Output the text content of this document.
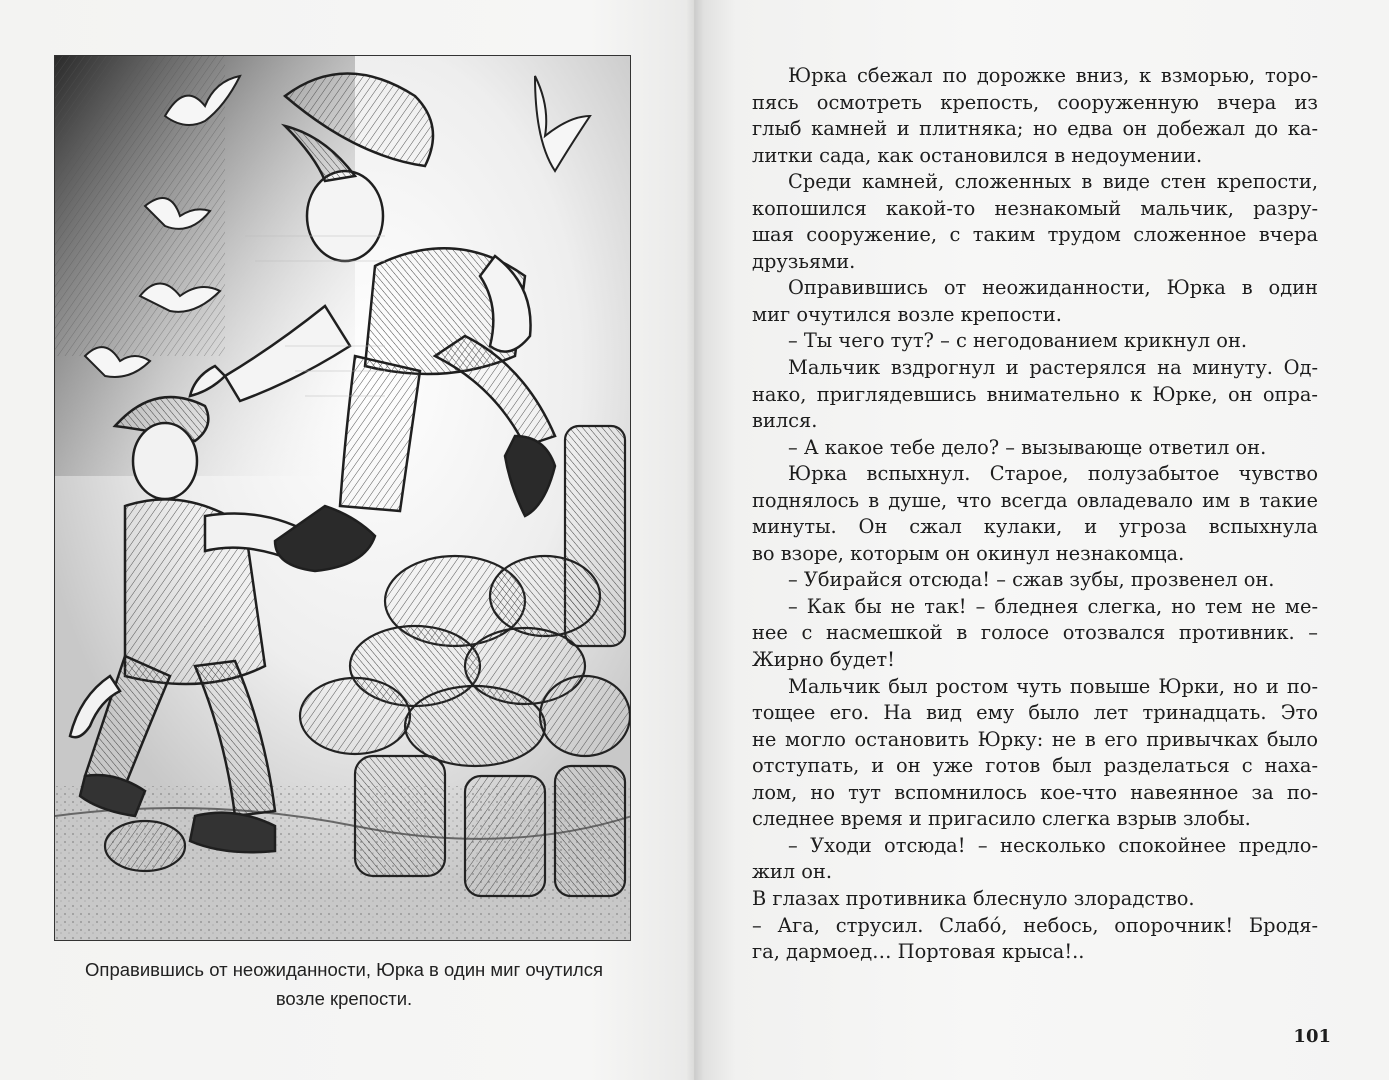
Оправившись от неожиданности, Юрка в один миг очутился
возле крепости.
Юрка сбежал по дорожке вниз, к взморью, торо-
пясь осмотреть крепость, сооруженную вчера из
глыб камней и плитняка; но едва он добежал до ка-
литки сада, как остановился в недоумении.
Среди камней, сложенных в виде стен крепости,
копошился какой-то незнакомый мальчик, разру-
шая сооружение, с таким трудом сложенное вчера
друзьями.
Оправившись от неожиданности, Юрка в один
миг очутился возле крепости.
– Ты чего тут? – с негодованием крикнул он.
Мальчик вздрогнул и растерялся на минуту. Од-
нако, приглядевшись внимательно к Юрке, он опра-
вился.
– А какое тебе дело? – вызывающе ответил он.
Юрка вспыхнул. Старое, полузабытое чувство
поднялось в душе, что всегда овладевало им в такие
минуты. Он сжал кулаки, и угроза вспыхнула
во взоре, которым он окинул незнакомца.
– Убирайся отсюда! – сжав зубы, прозвенел он.
– Как бы не так! – бледнея слегка, но тем не ме-
нее с насмешкой в голосе отозвался противник. –
Жирно будет!
Мальчик был ростом чуть повыше Юрки, но и по-
тощее его. На вид ему было лет тринадцать. Это
не могло остановить Юрку: не в его привычках было
отступать, и он уже готов был разделаться с наха-
лом, но тут вспомнилось кое-что навеянное за по-
следнее время и пригасило слегка взрыв злобы.
– Уходи отсюда! – несколько спокойнее предло-
жил он.
В глазах противника блеснуло злорадство.
– Ага, струсил. Слабо́, небось, опорочник! Бродя-
га, дармоед… Портовая крыса!..
101
